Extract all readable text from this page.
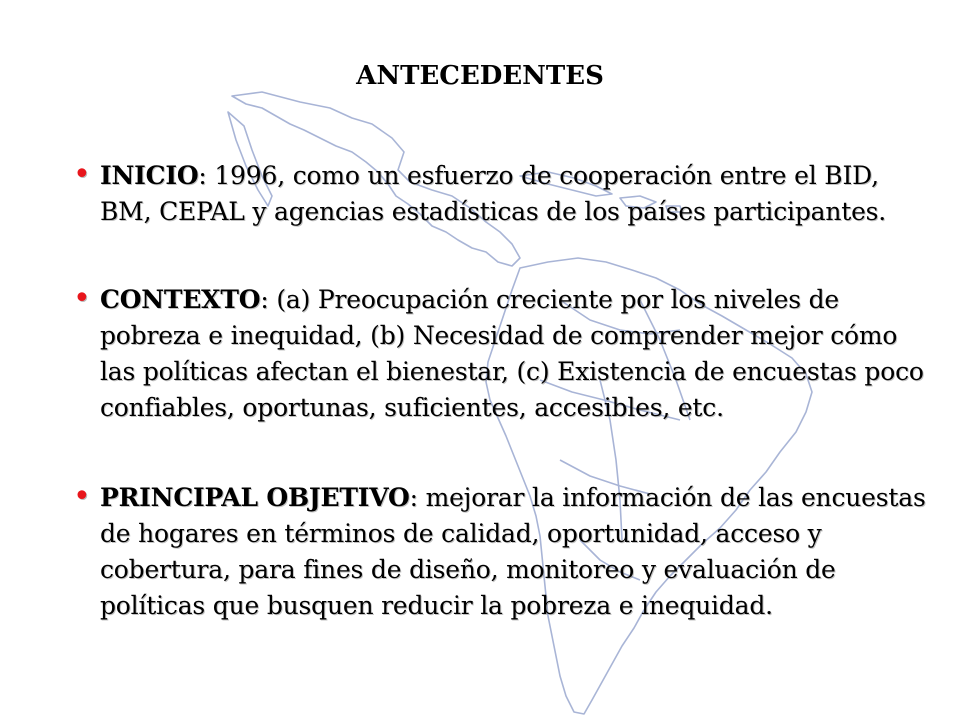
ANTECEDENTES
• INICIO: 1996, como un esfuerzo de cooperación entre el BID, BM, CEPAL y agencias estadísticas de los países participantes.
• CONTEXTO: (a) Preocupación creciente por los niveles de pobreza e inequidad, (b) Necesidad de comprender mejor cómo las políticas afectan el bienestar, (c) Existencia de encuestas poco confiables, oportunas, suficientes, accesibles, etc.
• PRINCIPAL OBJETIVO: mejorar la información de las encuestas de hogares en términos de calidad, oportunidad, acceso y cobertura, para fines de diseño, monitoreo y evaluación de políticas que busquen reducir la pobreza e inequidad.
